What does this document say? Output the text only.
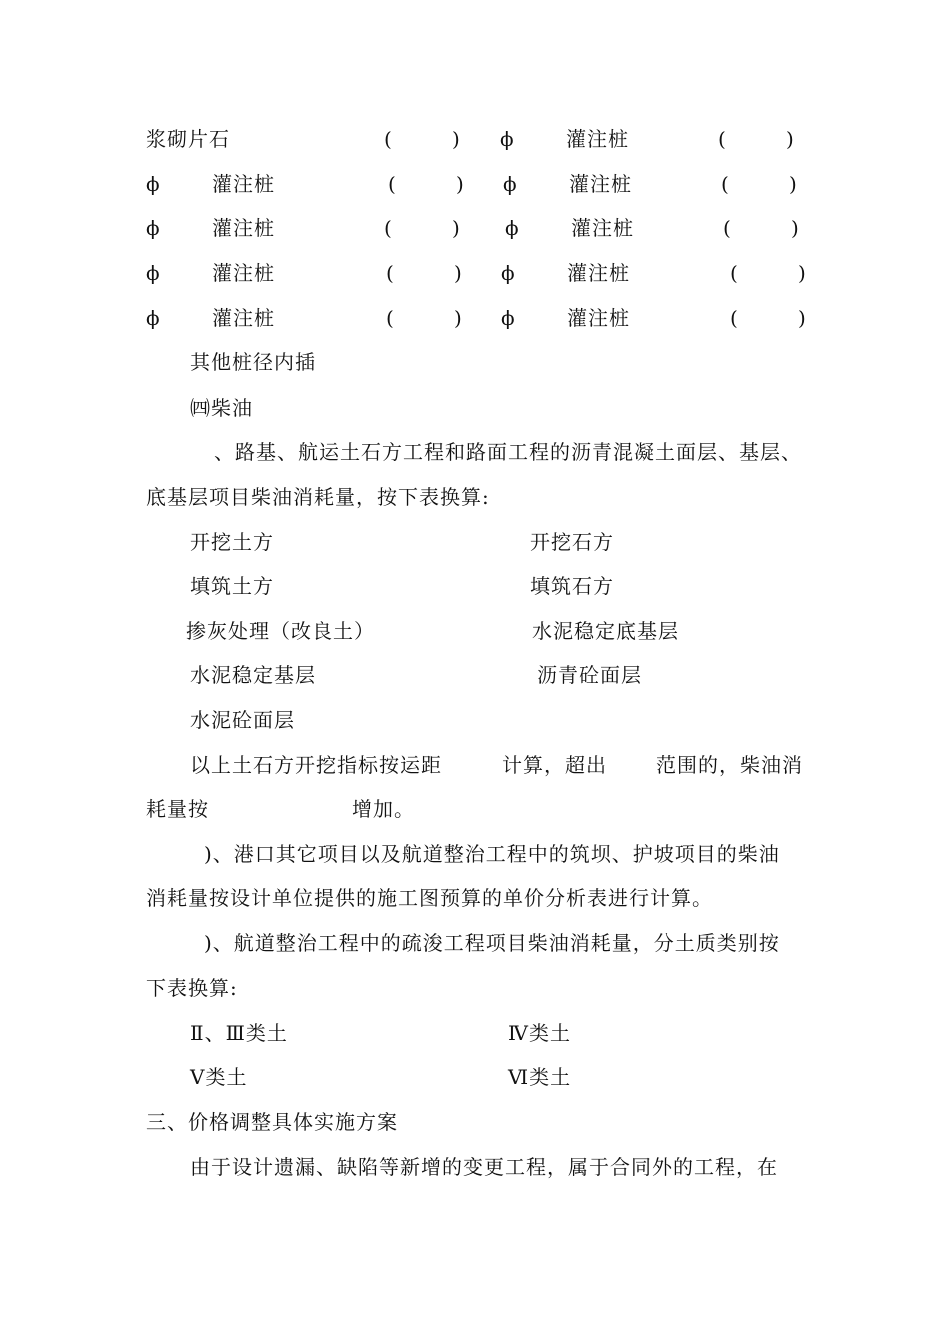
浆砌片石	(	) ϕ	灌注桩	(	)
ϕ	灌注桩	(	) ϕ	灌注桩	(	)
ϕ	灌注桩	(	) ϕ	灌注桩	(	)
ϕ	灌注桩	(	) ϕ	灌注桩	(	)
ϕ	灌注桩	(	) ϕ	灌注桩	(	)
其他桩径内插
㈣柴油
、路基、航运土石方工程和路面工程的沥青混凝土面层、基层、
底基层项目柴油消耗量，按下表换算:
开挖土方	开挖石方
填筑土方	填筑石方
掺灰处理（改良土）	水泥稳定底基层
水泥稳定基层	沥青砼面层
水泥砼面层
以上土石方开挖指标按运距	计算，超出 范围的，柴油消
耗量按	增加。
)、港口其它项目以及航道整治工程中的筑坝、护坡项目的柴油
消耗量按设计单位提供的施工图预算的单价分析表进行计算。
)、航道整治工程中的疏浚工程项目柴油消耗量，分土质类别按
下表换算:
Ⅱ、Ⅲ类土	Ⅳ类土
Ⅴ类土	Ⅵ类土
三、价格调整具体实施方案
由于设计遗漏、缺陷等新增的变更工程，属于合同外的工程，在
